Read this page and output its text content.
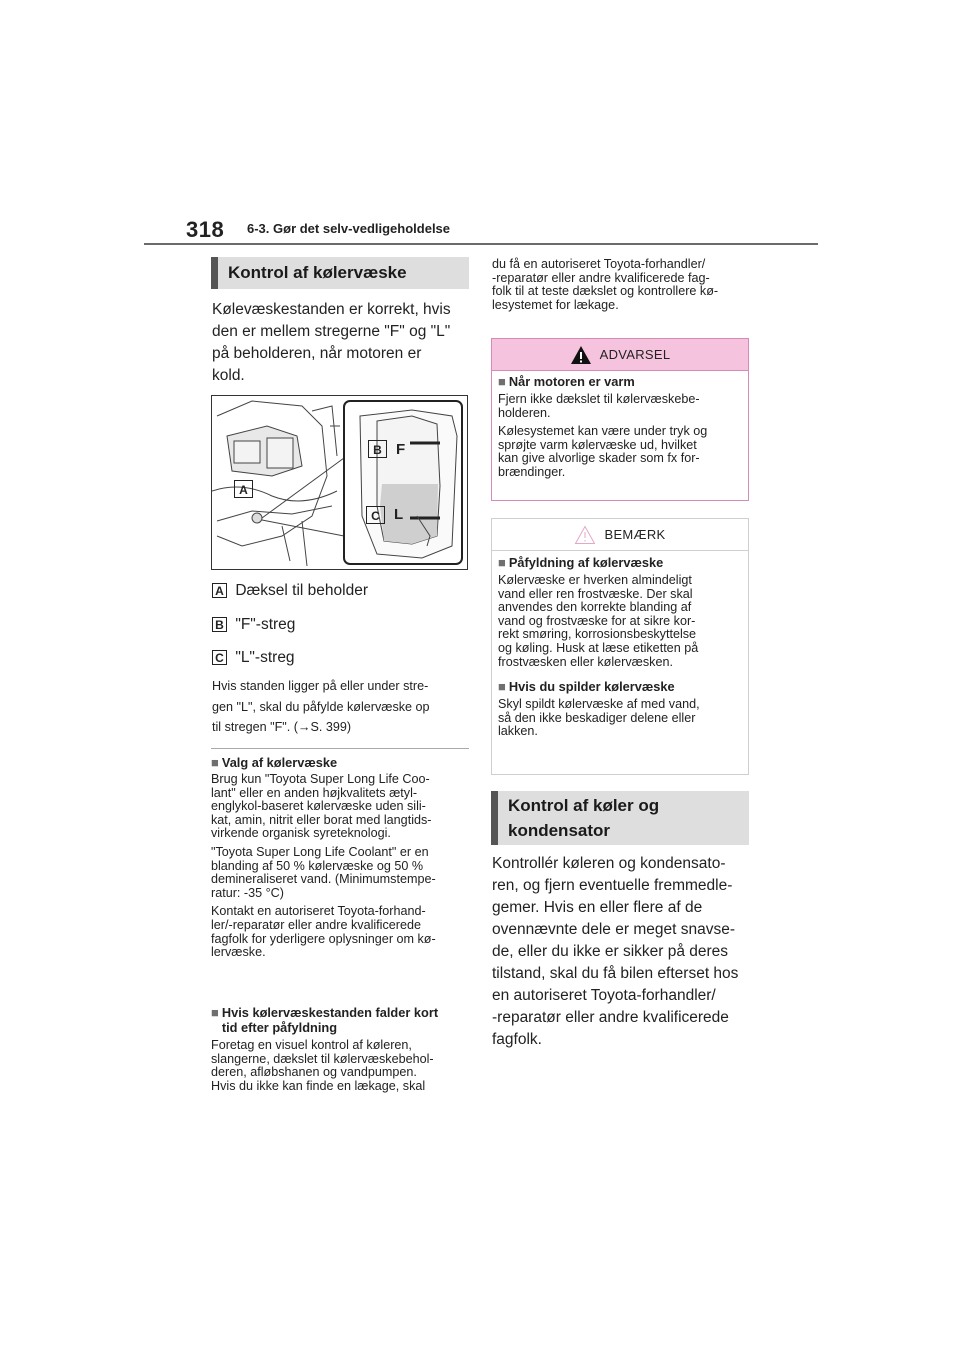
318 6-3. Gør det selv-vedligeholdelse
Kontrol af kølervæske
Kølevæskestanden er korrekt, hvis
den er mellem stregerne "F" og "L"
på beholderen, når motoren er
kold.
A
B
C
F
L
A Dæksel til beholder
B "F"-streg
C "L"-streg
Hvis standen ligger på eller under stre-
gen "L", skal du påfylde kølervæske op
til stregen "F". (→S. 399)
■ Valg af kølervæske
Brug kun "Toyota Super Long Life Coo-
lant" eller en anden højkvalitets ætyl-
englykol-baseret kølervæske uden sili-
kat, amin, nitrit eller borat med langtids-
virkende organisk syreteknologi.
"Toyota Super Long Life Coolant" er en
blanding af 50 % kølervæske og 50 %
demineraliseret vand. (Minimumstempe-
ratur: -35 °C)
Kontakt en autoriseret Toyota-forhand-
ler/-reparatør eller andre kvalificerede
fagfolk for yderligere oplysninger om kø-
lervæske.
■ Hvis kølervæskestanden falder kort
tid efter påfyldning
Foretag en visuel kontrol af køleren,
slangerne, dækslet til kølervæskebehol-
deren, afløbshanen og vandpumpen.
Hvis du ikke kan finde en lækage, skal
du få en autoriseret Toyota-forhandler/
-reparatør eller andre kvalificerede fag-
folk til at teste dækslet og kontrollere kø-
lesystemet for lækage.
ADVARSEL
■ Når motoren er varm
Fjern ikke dækslet til kølervæskebe-
holderen.
Kølesystemet kan være under tryk og
sprøjte varm kølervæske ud, hvilket
kan give alvorlige skader som fx for-
brændinger.
BEMÆRK
■ Påfyldning af kølervæske
Kølervæske er hverken almindeligt
vand eller ren frostvæske. Der skal
anvendes den korrekte blanding af
vand og frostvæske for at sikre kor-
rekt smøring, korrosionsbeskyttelse
og køling. Husk at læse etiketten på
frostvæsken eller kølervæsken.
■ Hvis du spilder kølervæske
Skyl spildt kølervæske af med vand,
så den ikke beskadiger delene eller
lakken.
Kontrol af køler og
kondensator
Kontrollér køleren og kondensato-
ren, og fjern eventuelle fremmedle-
gemer. Hvis en eller flere af de
ovennævnte dele er meget snavse-
de, eller du ikke er sikker på deres
tilstand, skal du få bilen efterset hos
en autoriseret Toyota-forhandler/
-reparatør eller andre kvalificerede
fagfolk.
